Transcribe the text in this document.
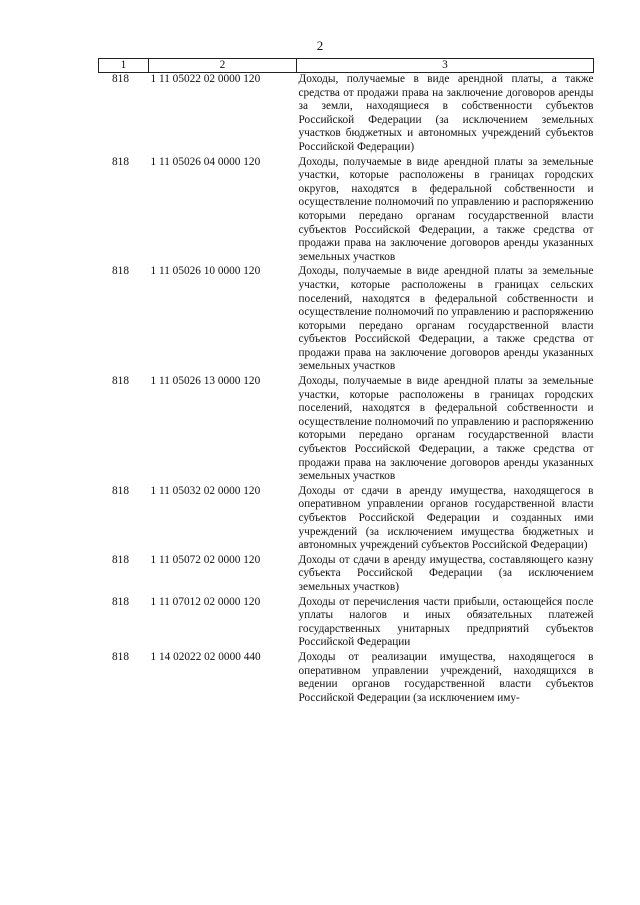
2
1	2	3
818	1 11 05022 02 0000 120	Доходы, получаемые в виде арендной платы, а также средства от продажи права на заключение договоров аренды за земли, находящиеся в собственности субъектов Российской Федерации (за исключением земельных участков бюджетных и автономных учреждений субъектов Российской Федерации)
818	1 11 05026 04 0000 120	Доходы, получаемые в виде арендной платы за земельные участки, которые расположены в границах городских округов, находятся в федеральной собственности и осуществление полномочий по управлению и распоряжению которыми передано органам государственной власти субъектов Российской Федерации, а также средства от продажи права на заключение договоров аренды указанных земельных участков
818	1 11 05026 10 0000 120	Доходы, получаемые в виде арендной платы за земельные участки, которые расположены в границах сельских поселений, находятся в федеральной собственности и осуществление полномочий по управлению и распоряжению которыми передано органам государственной власти субъектов Российской Федерации, а также средства от продажи права на заключение договоров аренды указанных земельных участков
818	1 11 05026 13 0000 120	Доходы, получаемые в виде арендной платы за земельные участки, которые расположены в границах городских поселений, находятся в федеральной собственности и осуществление полномочий по управлению и распоряжению которыми передано органам государственной власти субъектов Российской Федерации, а также средства от продажи права на заключение договоров аренды указанных земельных участков
818	1 11 05032 02 0000 120	Доходы от сдачи в аренду имущества, находящегося в оперативном управлении органов государственной власти субъектов Российской Федерации и созданных ими учреждений (за исключением имущества бюджетных и автономных учреждений субъектов Российской Федерации)
818	1 11 05072 02 0000 120	Доходы от сдачи в аренду имущества, составляющего казну субъекта Российской Федерации (за исключением земельных участков)
818	1 11 07012 02 0000 120	Доходы от перечисления части прибыли, остающейся после уплаты налогов и иных обязательных платежей государственных унитарных предприятий субъектов Российской Федерации
818	1 14 02022 02 0000 440	Доходы от реализации имущества, находящегося в оперативном управлении учреждений, находящихся в ведении органов государственной власти субъектов Российской Федерации (за исключением иму-
